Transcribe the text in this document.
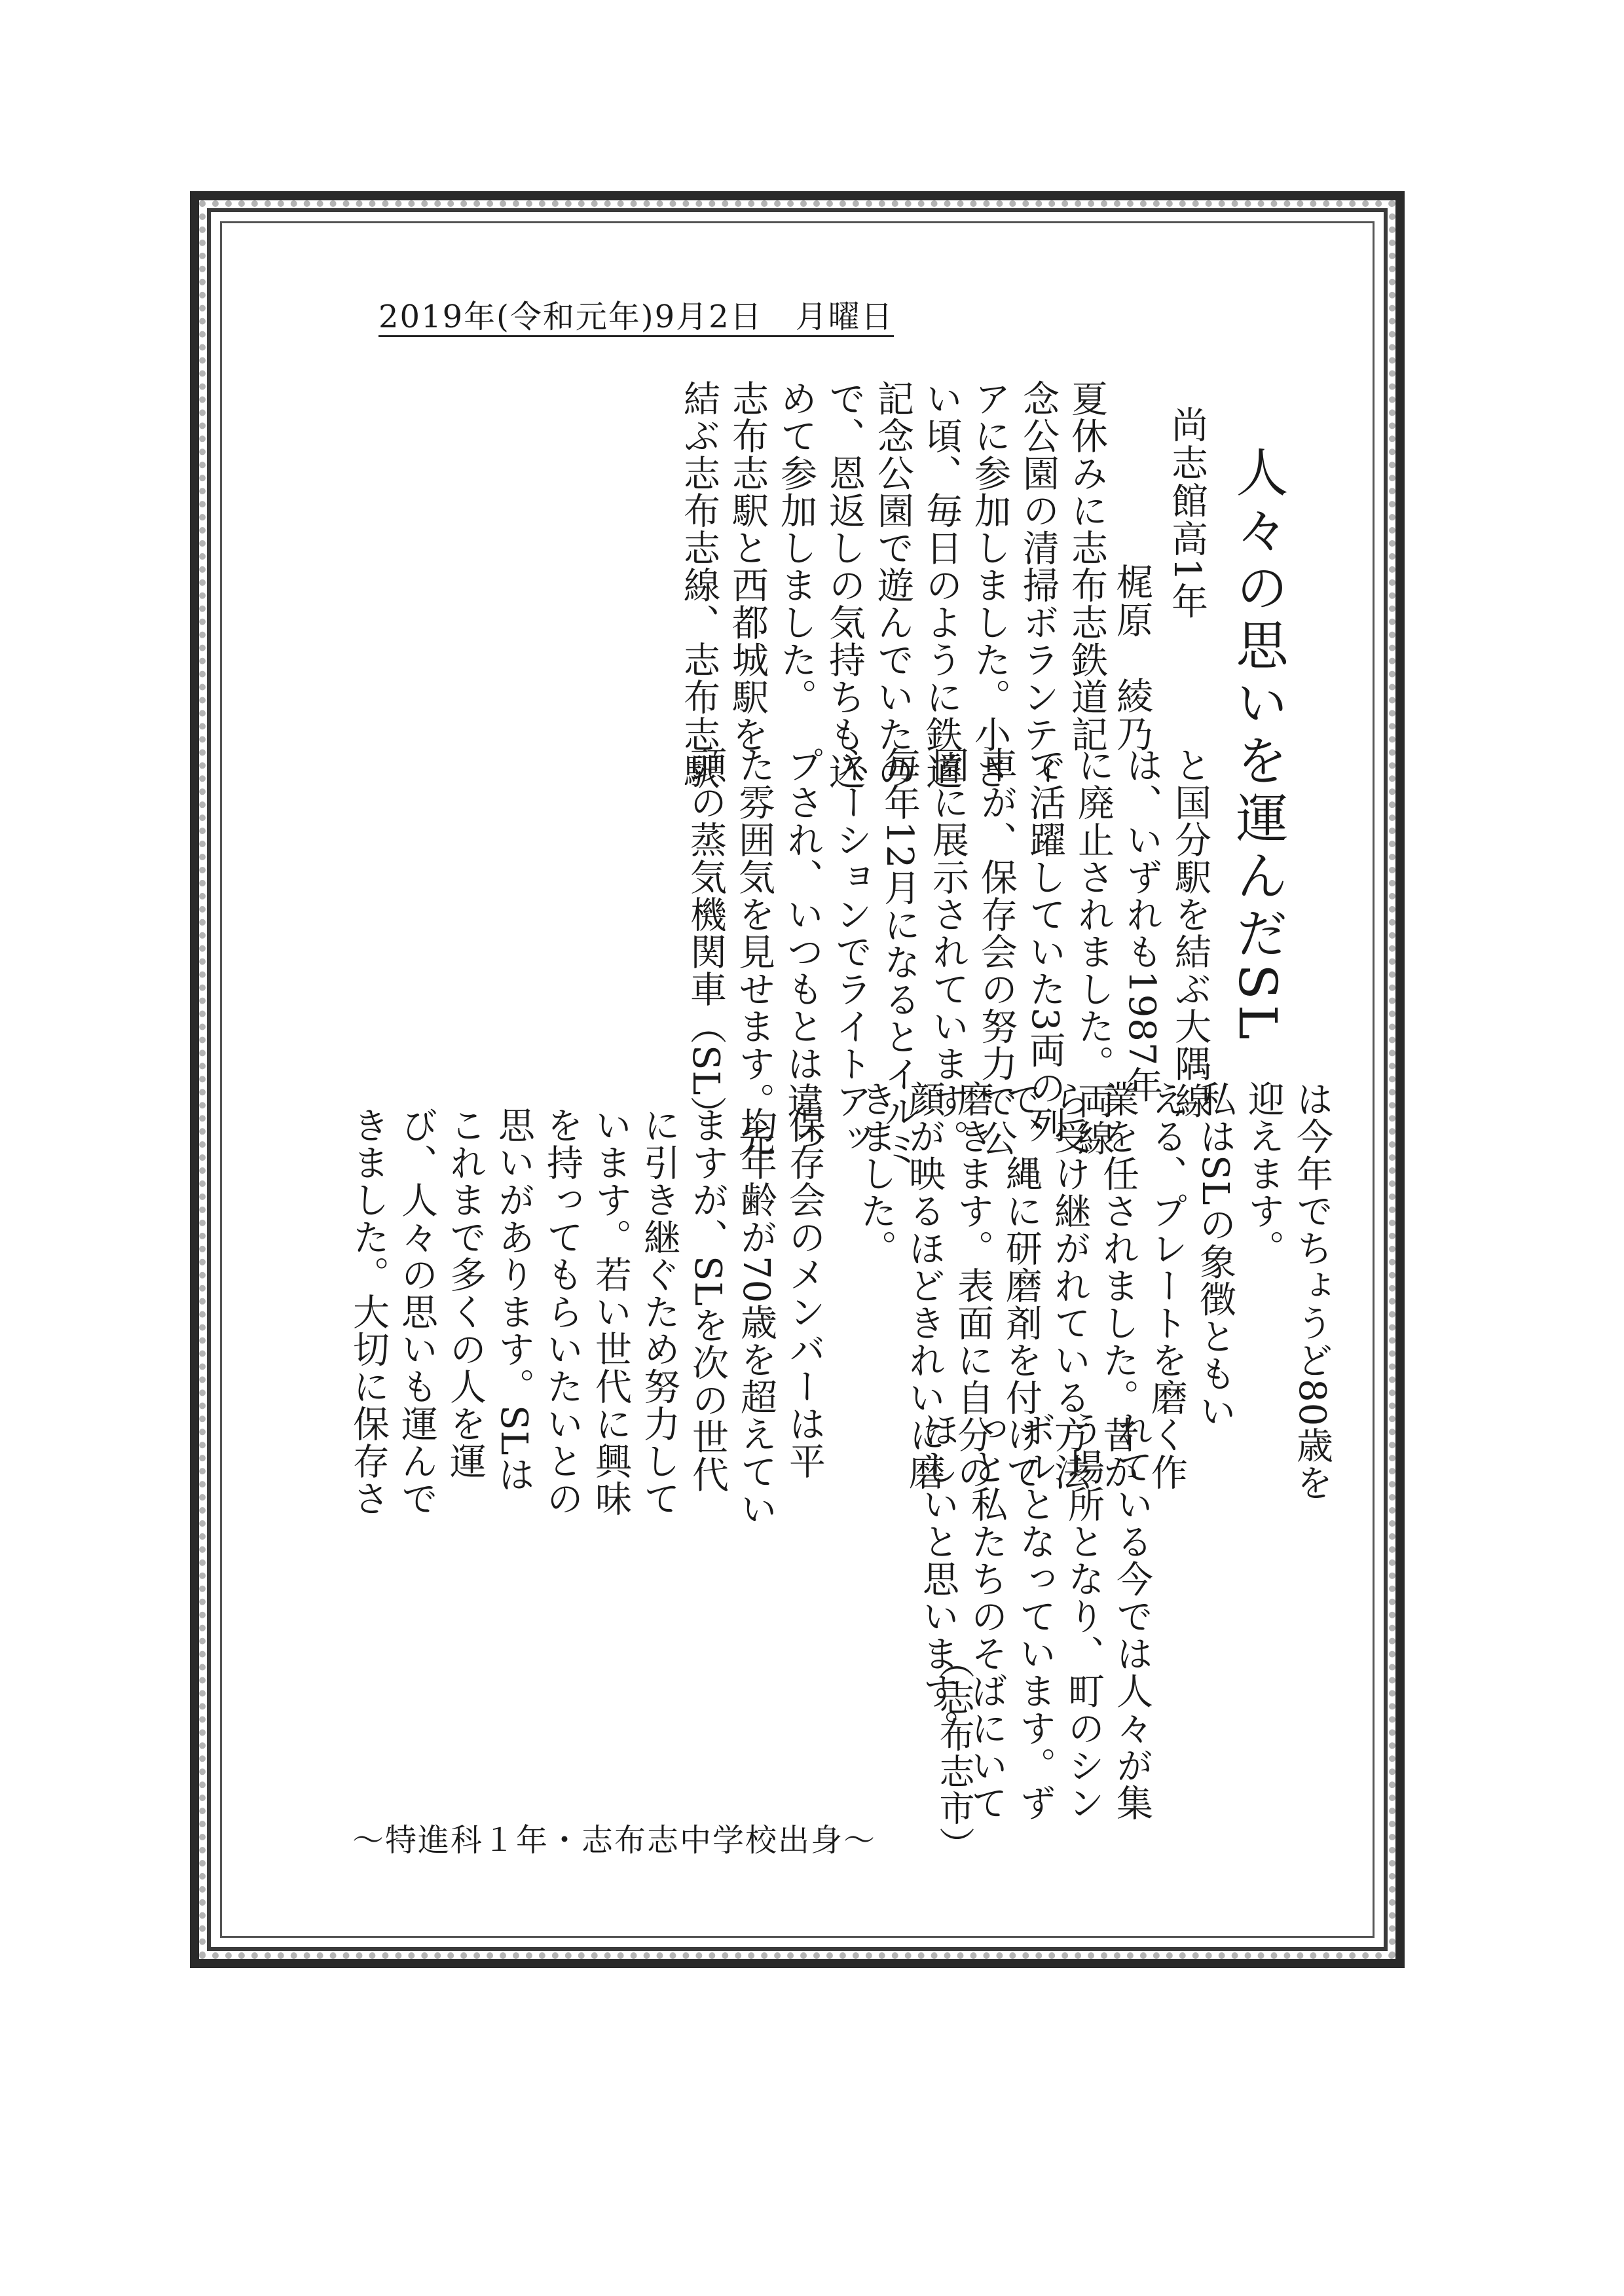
2019年(令和元年)9月2日　月曜日
人々の思いを運んだSL
尚志館高1年
梶原　綾乃
夏休みに志布志鉄道記
念公園の清掃ボランティ
アに参加しました。小さ
い頃、毎日のように鉄道
記念公園で遊んでいたの
で、恩返しの気持ちも込
めて参加しました。
志布志駅と西都城駅を
結ぶ志布志線、志布志駅
と国分駅を結ぶ大隅線
は、いずれも1987年
に廃止されました。両線
で活躍していた3両の列
車が、保存会の努力で公
園に展示されています。
毎年12月になるとイルミ
ネーションでライトアッ
プされ、いつもとは違っ
た雰囲気を見せます。先
頭の蒸気機関車（SL）
は今年でちょうど80歳を
迎えます。
私はSLの象徴ともい
える、プレートを磨く作
業を任されました。昔か
ら受け継がれている方法
で、縄に研磨剤を付けて
磨きます。表面に自分の
顔が映るほどきれいに磨
きました。
保存会のメンバーは平
均年齢が70歳を超えてい
ますが、SLを次の世代
に引き継ぐため努力して
います。若い世代に興味
を持ってもらいたいとの
思いがあります。SLは
これまで多くの人を運
び、人々の思いも運んで
きました。大切に保存さ
れている今では人々が集
う場所となり、町のシン
ボルとなっています。ず
っと私たちのそばにいて
ほしいと思います。
（志布志市）
～特進科１年・志布志中学校出身～
